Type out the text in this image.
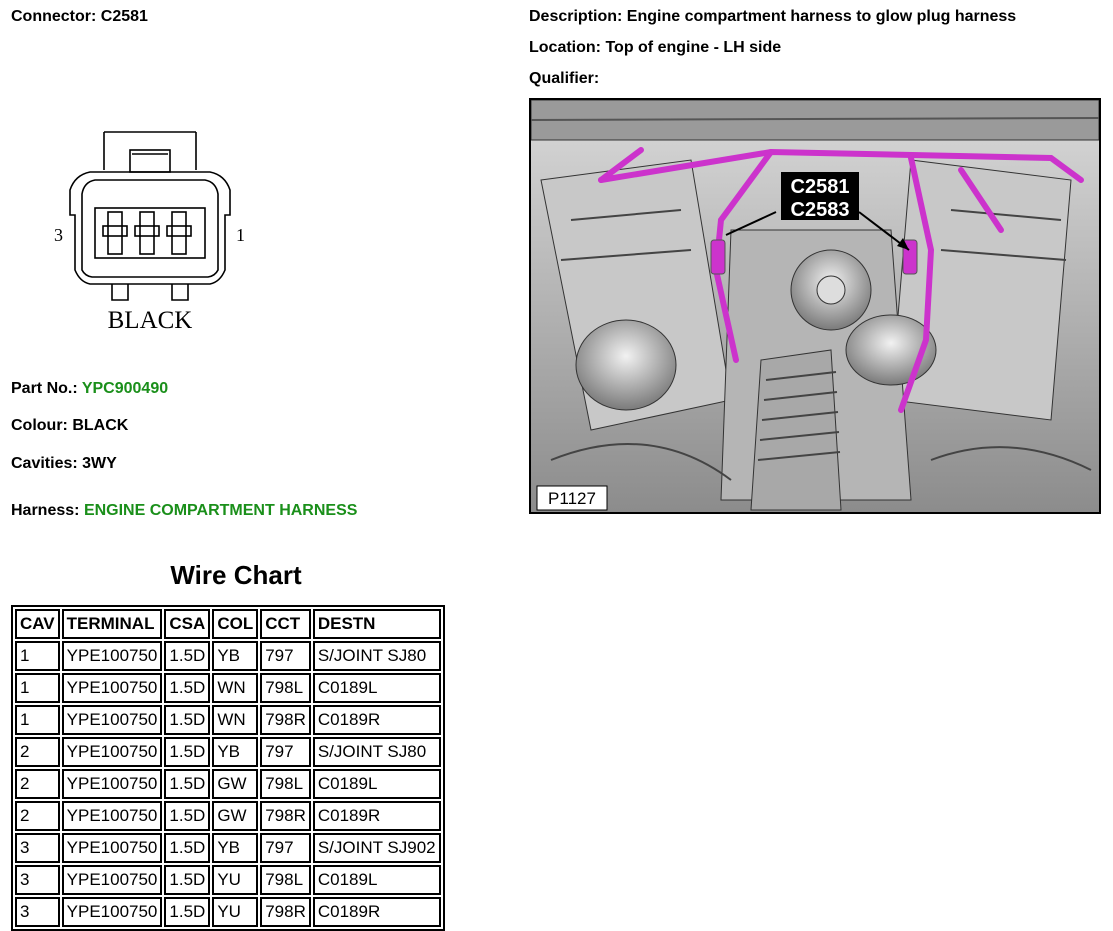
Connector: C2581	Description: Engine compartment harness to glow plug harness
Location: Top of engine - LH side
Qualifier:
3	1
BLACK
Part No.: YPC900490
Colour: BLACK
Cavities: 3WY
Harness: ENGINE COMPARTMENT HARNESS
Wire Chart
CAV	TERMINAL	CSA	COL	CCT	DESTN
1	YPE100750	1.5D	YB	797	S/JOINT SJ80
1	YPE100750	1.5D	WN	798L	C0189L
1	YPE100750	1.5D	WN	798R	C0189R
2	YPE100750	1.5D	YB	797	S/JOINT SJ80
2	YPE100750	1.5D	GW	798L	C0189L
2	YPE100750	1.5D	GW	798R	C0189R
3	YPE100750	1.5D	YB	797	S/JOINT SJ902
3	YPE100750	1.5D	YU	798L	C0189L
3	YPE100750	1.5D	YU	798R	C0189R
C2581
C2583
P1127
